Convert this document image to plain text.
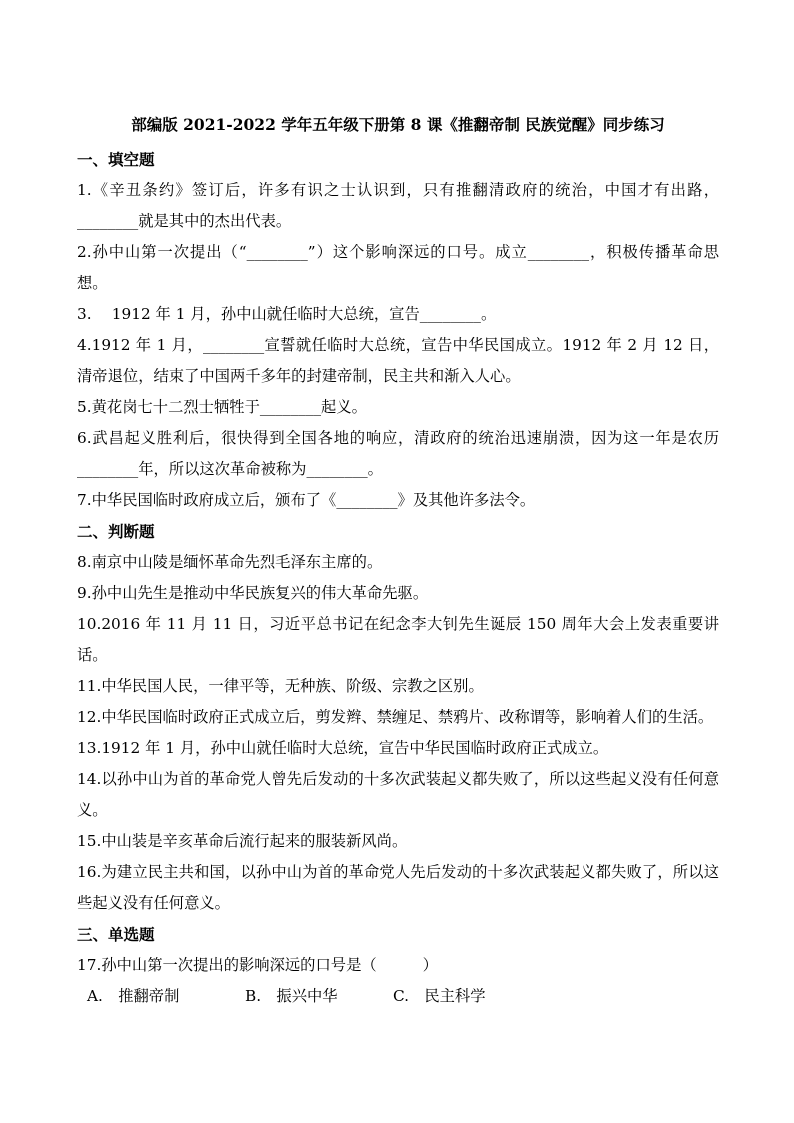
部编版 2021-2022 学年五年级下册第 8 课《推翻帝制 民族觉醒》同步练习
一、填空题
1.《辛丑条约》签订后，许多有识之士认识到，只有推翻清政府的统治，中国才有出路，________就是其中的杰出代表。
2.孙中山第一次提出（“________”）这个影响深远的口号。成立________，积极传播革命思想。
3.　 1912 年 1 月，孙中山就任临时大总统，宣告________。
4.1912 年 1 月，________宣誓就任临时大总统，宣告中华民国成立。1912 年 2 月 12 日，清帝退位，结束了中国两千多年的封建帝制，民主共和渐入人心。
5.黄花岗七十二烈士牺牲于________起义。
6.武昌起义胜利后，很快得到全国各地的响应，清政府的统治迅速崩溃，因为这一年是农历________年，所以这次革命被称为________。
7.中华民国临时政府成立后，颁布了《________》及其他许多法令。
二、判断题
8.南京中山陵是缅怀革命先烈毛泽东主席的。
9.孙中山先生是推动中华民族复兴的伟大革命先驱。
10.2016 年 11 月 11 日，习近平总书记在纪念李大钊先生诞辰 150 周年大会上发表重要讲话。
11.中华民国人民，一律平等，无种族、阶级、宗教之区别。
12.中华民国临时政府正式成立后，剪发辫、禁缠足、禁鸦片、改称谓等，影响着人们的生活。
13.1912 年 1 月，孙中山就任临时大总统，宣告中华民国临时政府正式成立。
14.以孙中山为首的革命党人曾先后发动的十多次武装起义都失败了，所以这些起义没有任何意义。
15.中山装是辛亥革命后流行起来的服装新风尚。
16.为建立民主共和国，以孙中山为首的革命党人先后发动的十多次武装起义都失败了，所以这些起义没有任何意义。
三、单选题
17.孙中山第一次提出的影响深远的口号是（　　　）
A.　推翻帝制	B.　振兴中华	C.　民主科学
